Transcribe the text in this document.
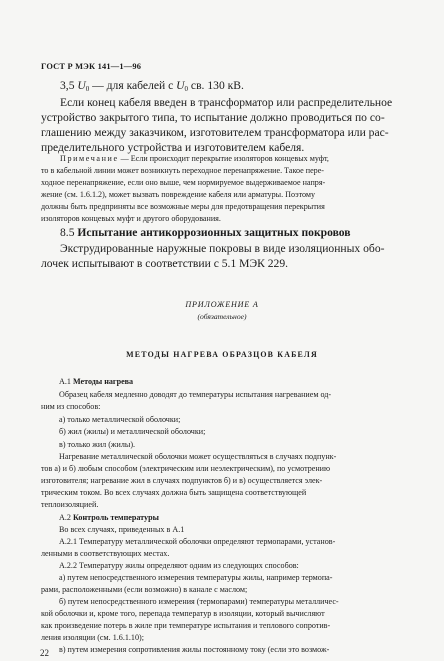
ГОСТ Р МЭК 141—1—96
3,5 $U_0$ — для кабелей с $U_0$ св. 130 кВ.
Если конец кабеля введен в трансформатор или распределительное
устройство закрытого типа, то испытание должно проводиться по со-
глашению между заказчиком, изготовителем трансформатора или рас-
пределительного устройства и изготовителем кабеля.
Примечание — Если происходит перекрытие изоляторов концевых муфт,
то в кабельной линии может возникнуть переходное перенапряжение. Такое пере-
ходное перенапряжение, если оно выше, чем нормируемое выдерживаемое напря-
жение (см. 1.6.1.2), может вызвать повреждение кабеля или арматуры. Поэтому
должны быть предприняты все возможные меры для предотвращения перекрытия
изоляторов концевых муфт и другого оборудования.
8.5 Испытание антикоррозионных защитных покровов
Экструдированные наружные покровы в виде изоляционных обо-
лочек испытывают в соответствии с 5.1 МЭК 229.
ПРИЛОЖЕНИЕ А
(обязательное)
МЕТОДЫ НАГРЕВА ОБРАЗЦОВ КАБЕЛЯ
А.1 Методы нагрева
Образец кабеля медленно доводят до температуры испытания нагреванием од-
ним из способов:
а) только металлической оболочки;
б) жил (жилы) и металлической оболочки;
в) только жил (жилы).
Нагревание металлической оболочки может осуществляться в случаях подпунк-
тов а) и б) любым способом (электрическим или неэлектрическим), по усмотрению
изготовителя; нагревание жил в случаях подпунктов б) и в) осуществляется элек-
трическим током. Во всех случаях должна быть защищена соответствующей
теплоизоляцией.
А.2 Контроль температуры
Во всех случаях, приведенных в А.1
А.2.1 Температуру металлической оболочки определяют термопарами, установ-
ленными в соответствующих местах.
А.2.2 Температуру жилы определяют одним из следующих способов:
а) путем непосредственного измерения температуры жилы, например термопа-
рами, расположенными (если возможно) в канале с маслом;
б) путем непосредственного измерения (термопарами) температуры металличес-
кой оболочки и, кроме того, перепада температур в изоляции, который вычисляют
как произведение потерь в жиле при температуре испытания и теплового сопротив-
ления изоляции (см. 1.6.1.10);
в) путем измерения сопротивления жилы постоянному току (если это возмож-
22
